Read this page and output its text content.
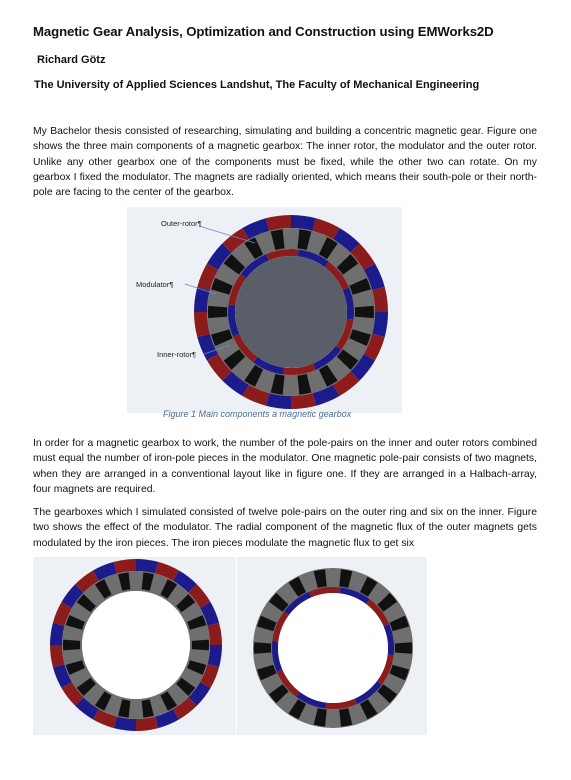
Magnetic Gear Analysis, Optimization and Construction using EMWorks2D
Richard Götz
The University of Applied Sciences Landshut, The Faculty of Mechanical Engineering
My Bachelor thesis consisted of researching, simulating and building a concentric magnetic gear. Figure one shows the three main components of a magnetic gearbox: The inner rotor, the modulator and the outer rotor. Unlike any other gearbox one of the components must be fixed, while the other two can rotate. On my gearbox I fixed the modulator. The magnets are radially oriented, which means their south-pole or their north-pole are facing to the center of the gearbox.
Outer-rotor¶
Modulator¶
Inner-rotor¶
Figure 1 Main components a magnetic gearbox
In order for a magnetic gearbox to work, the number of the pole-pairs on the inner and outer rotors combined must equal the number of iron-pole pieces in the modulator. One magnetic pole-pair consists of two magnets, when they are arranged in a conventional layout like in figure one. If they are arranged in a Halbach-array, four magnets are required.
The gearboxes which I simulated consisted of twelve pole-pairs on the outer ring and six on the inner. Figure two shows the effect of the modulator. The radial component of the magnetic flux of the outer magnets gets modulated by the iron pieces. The iron pieces modulate the magnetic flux to get six
